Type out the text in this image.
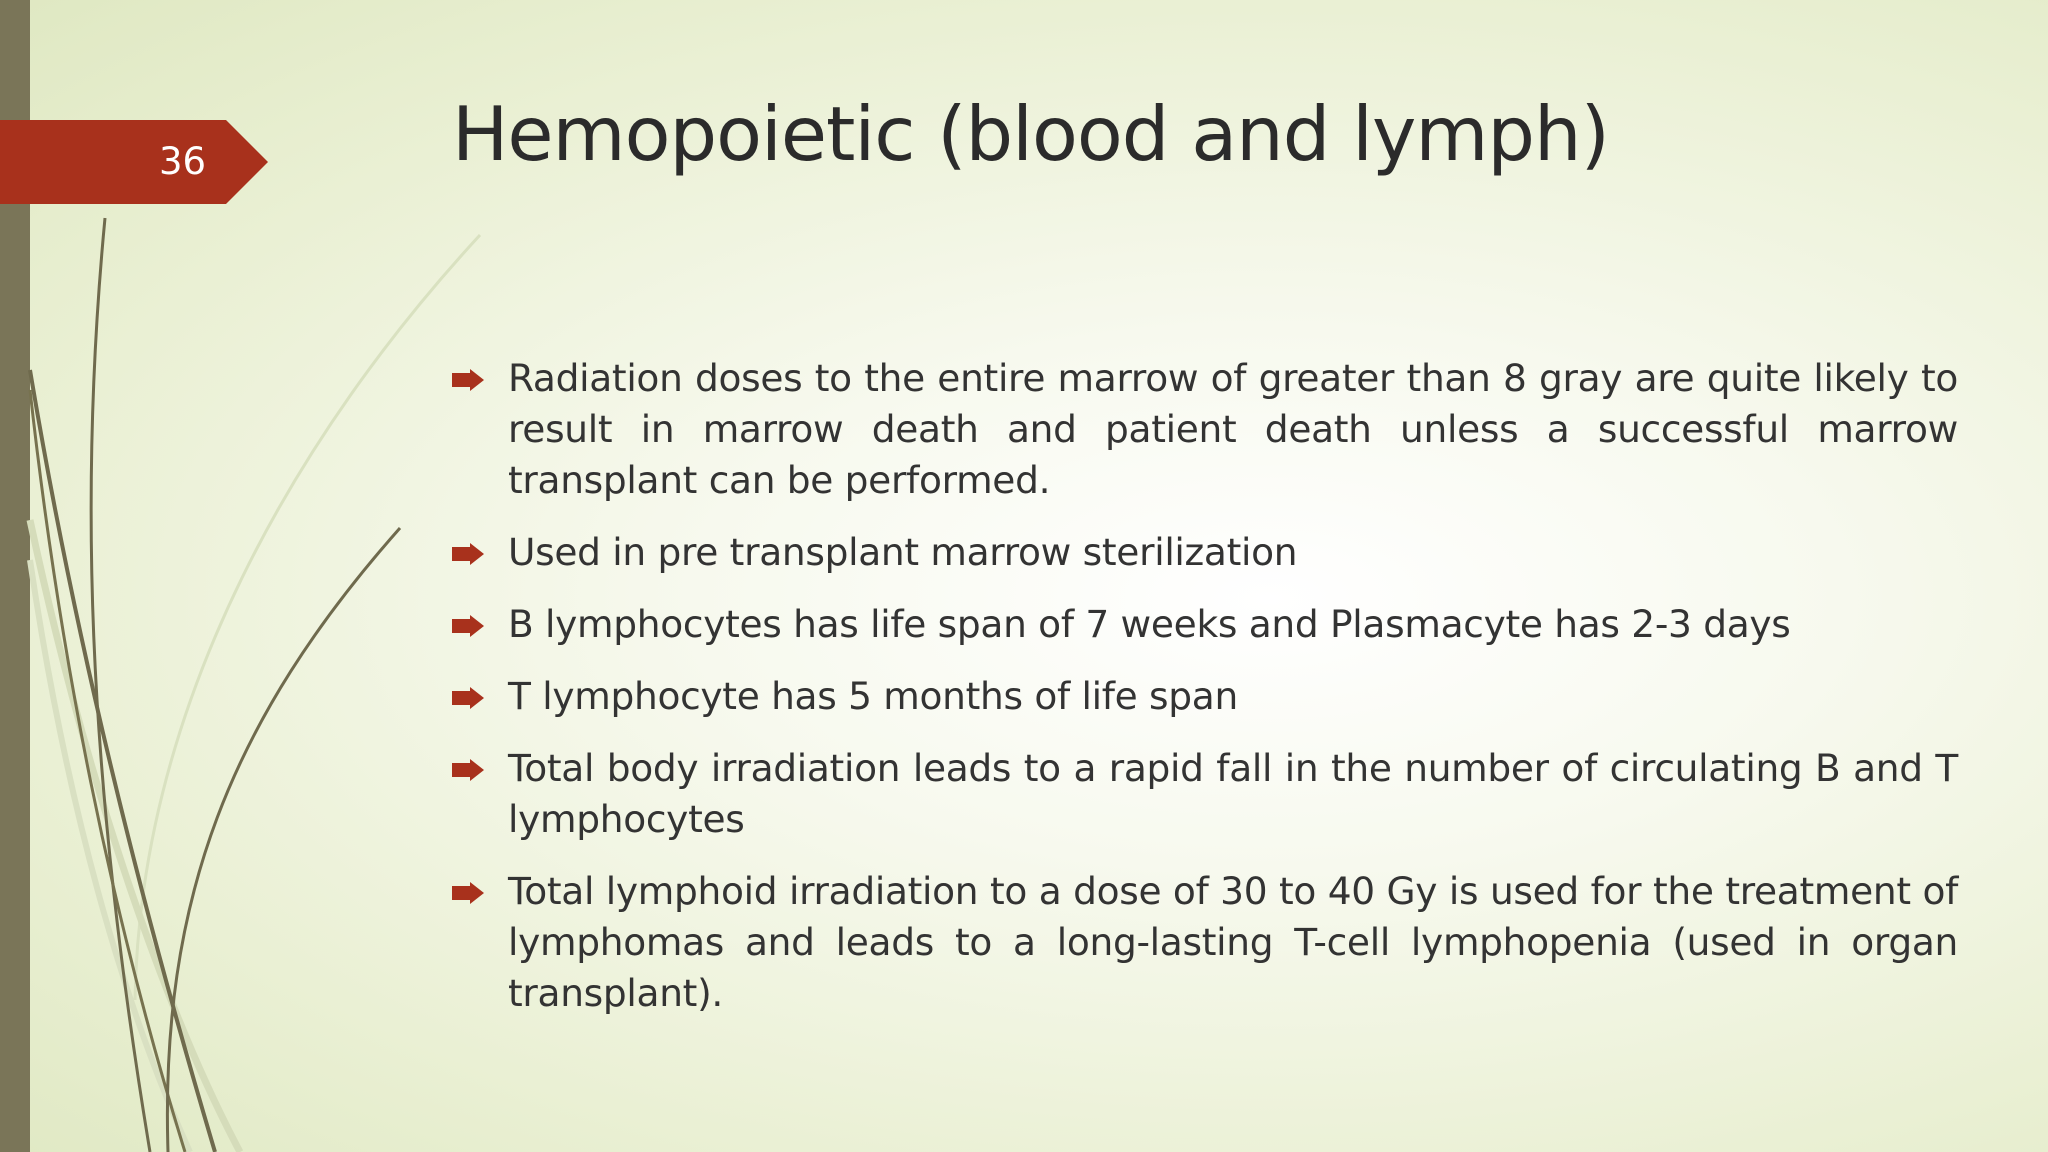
36	Hemopoietic (blood and lymph)
Radiation doses to the entire marrow of greater than 8 gray are quite likely to result in marrow death and patient death unless a successful marrow transplant can be performed.
Used in pre transplant marrow sterilization
B lymphocytes has life span of 7 weeks and Plasmacyte has 2-3 days
T lymphocyte has 5 months of life span
Total body irradiation leads to a rapid fall in the number of circulating B and T lymphocytes
Total lymphoid irradiation to a dose of 30 to 40 Gy is used for the treatment of lymphomas and leads to a long-lasting T-cell lymphopenia (used in organ transplant).
